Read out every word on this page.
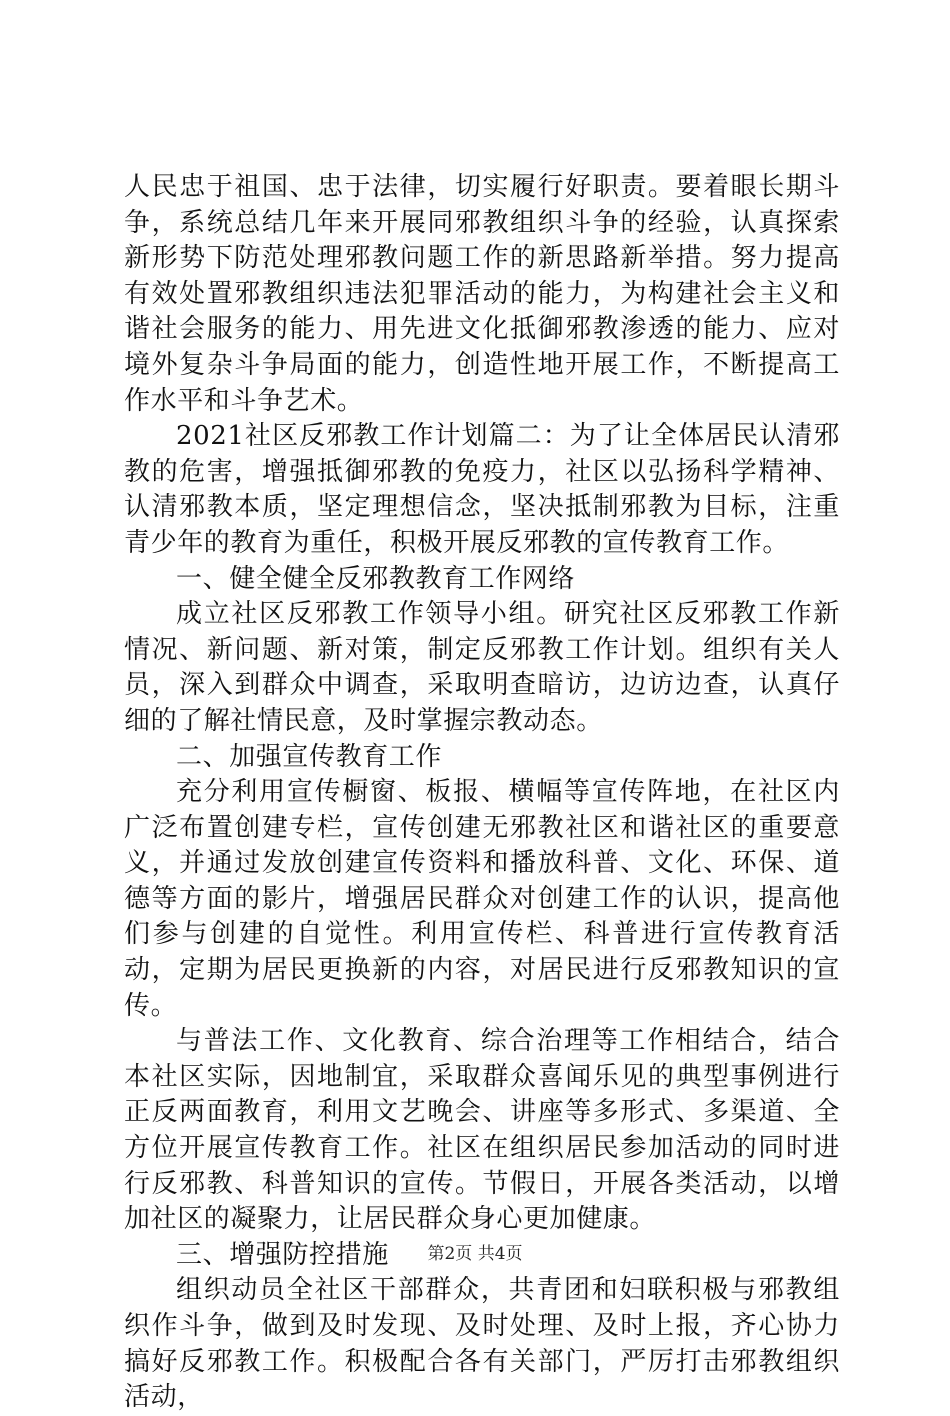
人民忠于祖国、忠于法律，切实履行好职责。要着眼长期斗争，系统总结几年来开展同邪教组织斗争的经验，认真探索新形势下防范处理邪教问题工作的新思路新举措。努力提高有效处置邪教组织违法犯罪活动的能力，为构建社会主义和谐社会服务的能力、用先进文化抵御邪教渗透的能力、应对境外复杂斗争局面的能力，创造性地开展工作，不断提高工作水平和斗争艺术。

2021社区反邪教工作计划篇二：为了让全体居民认清邪教的危害，增强抵御邪教的免疫力，社区以弘扬科学精神、认清邪教本质，坚定理想信念，坚决抵制邪教为目标，注重青少年的教育为重任，积极开展反邪教的宣传教育工作。

一、健全健全反邪教教育工作网络

成立社区反邪教工作领导小组。研究社区反邪教工作新情况、新问题、新对策，制定反邪教工作计划。组织有关人员，深入到群众中调查，采取明查暗访，边访边查，认真仔细的了解社情民意，及时掌握宗教动态。

二、加强宣传教育工作

充分利用宣传橱窗、板报、横幅等宣传阵地，在社区内广泛布置创建专栏，宣传创建无邪教社区和谐社区的重要意义，并通过发放创建宣传资料和播放科普、文化、环保、道德等方面的影片，增强居民群众对创建工作的认识，提高他们参与创建的自觉性。利用宣传栏、科普进行宣传教育活动，定期为居民更换新的内容，对居民进行反邪教知识的宣传。

与普法工作、文化教育、综合治理等工作相结合，结合本社区实际，因地制宜，采取群众喜闻乐见的典型事例进行正反两面教育，利用文艺晚会、讲座等多形式、多渠道、全方位开展宣传教育工作。社区在组织居民参加活动的同时进行反邪教、科普知识的宣传。节假日，开展各类活动，以增加社区的凝聚力，让居民群众身心更加健康。

三、增强防控措施

组织动员全社区干部群众，共青团和妇联积极与邪教组织作斗争，做到及时发现、及时处理、及时上报，齐心协力搞好反邪教工作。积极配合各有关部门，严厉打击邪教组织活动，

第2页 共4页
